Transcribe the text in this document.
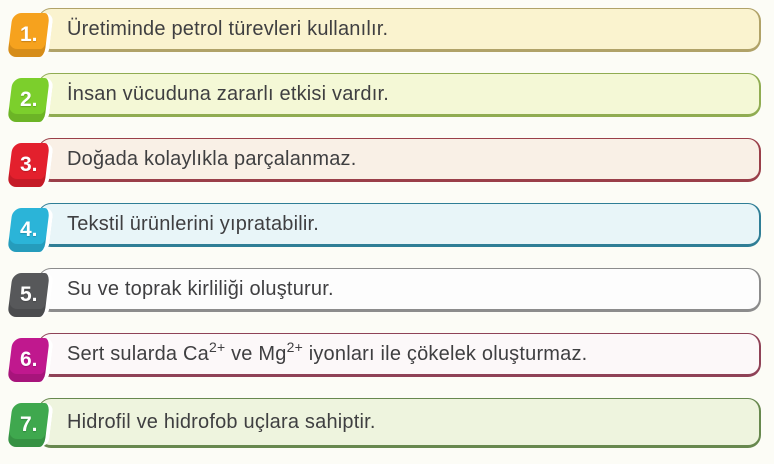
Üretiminde petrol türevleri kullanılır.
1.
İnsan vücuduna zararlı etkisi vardır.
2.
Doğada kolaylıkla parçalanmaz.
3.
Tekstil ürünlerini yıpratabilir.
4.
Su ve toprak kirliliği oluşturur.
5.
Sert sularda $Ca^{2+}$ ve $Mg^{2+}$ iyonları ile çökelek oluşturmaz.
6.
Hidrofil ve hidrofob uçlara sahiptir.
7.
